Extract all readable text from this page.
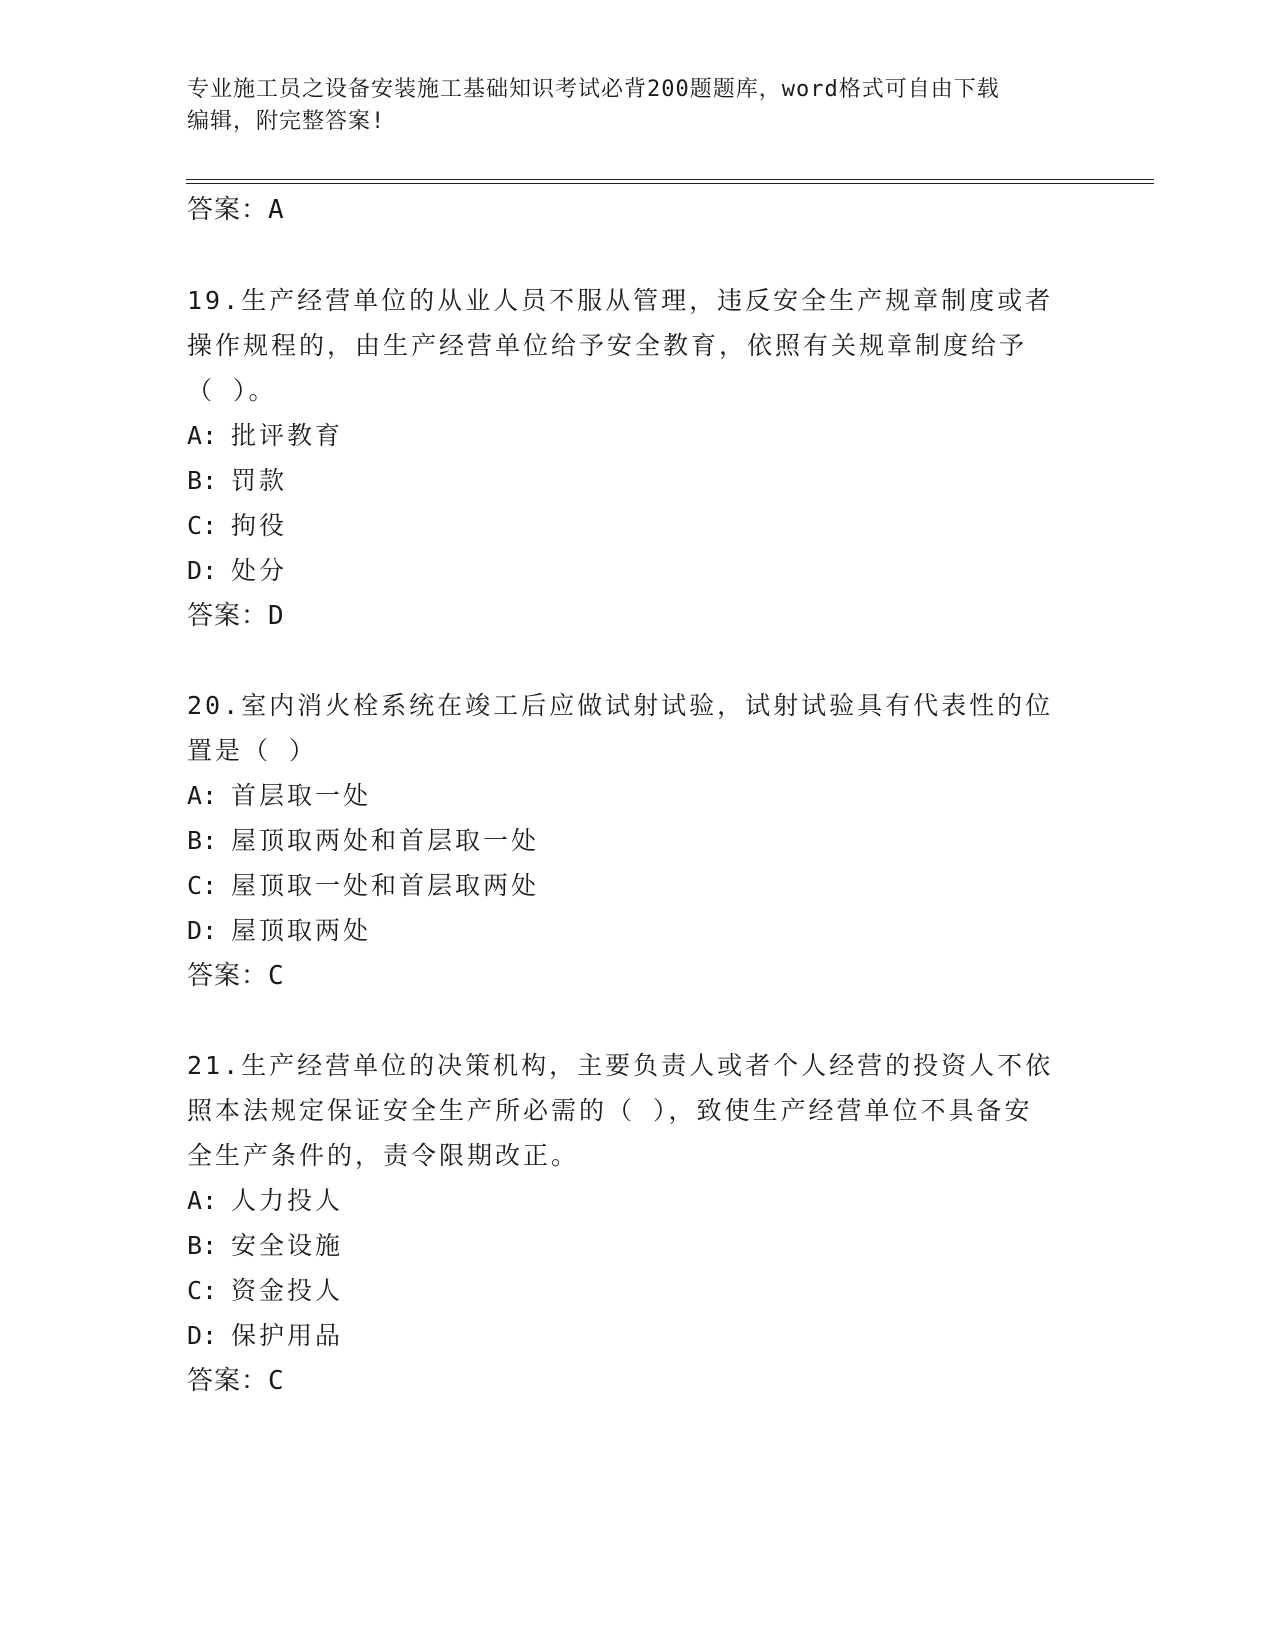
专业施工员之设备安装施工基础知识考试必背200题题库，word格式可自由下载
编辑，附完整答案!
答案：A

19.生产经营单位的从业人员不服从管理，违反安全生产规章制度或者

操作规程的，由生产经营单位给予安全教育，依照有关规章制度给予

（ ）。

A: 批评教育

B: 罚款

C: 拘役

D: 处分

答案：D

20.室内消火栓系统在竣工后应做试射试验，试射试验具有代表性的位

置是（ ）

A: 首层取一处

B: 屋顶取两处和首层取一处

C: 屋顶取一处和首层取两处

D: 屋顶取两处

答案：C

21.生产经营单位的决策机构，主要负责人或者个人经营的投资人不依

照本法规定保证安全生产所必需的（ ），致使生产经营单位不具备安

全生产条件的，责令限期改正。

A: 人力投人

B: 安全设施

C: 资金投人

D: 保护用品

答案：C
